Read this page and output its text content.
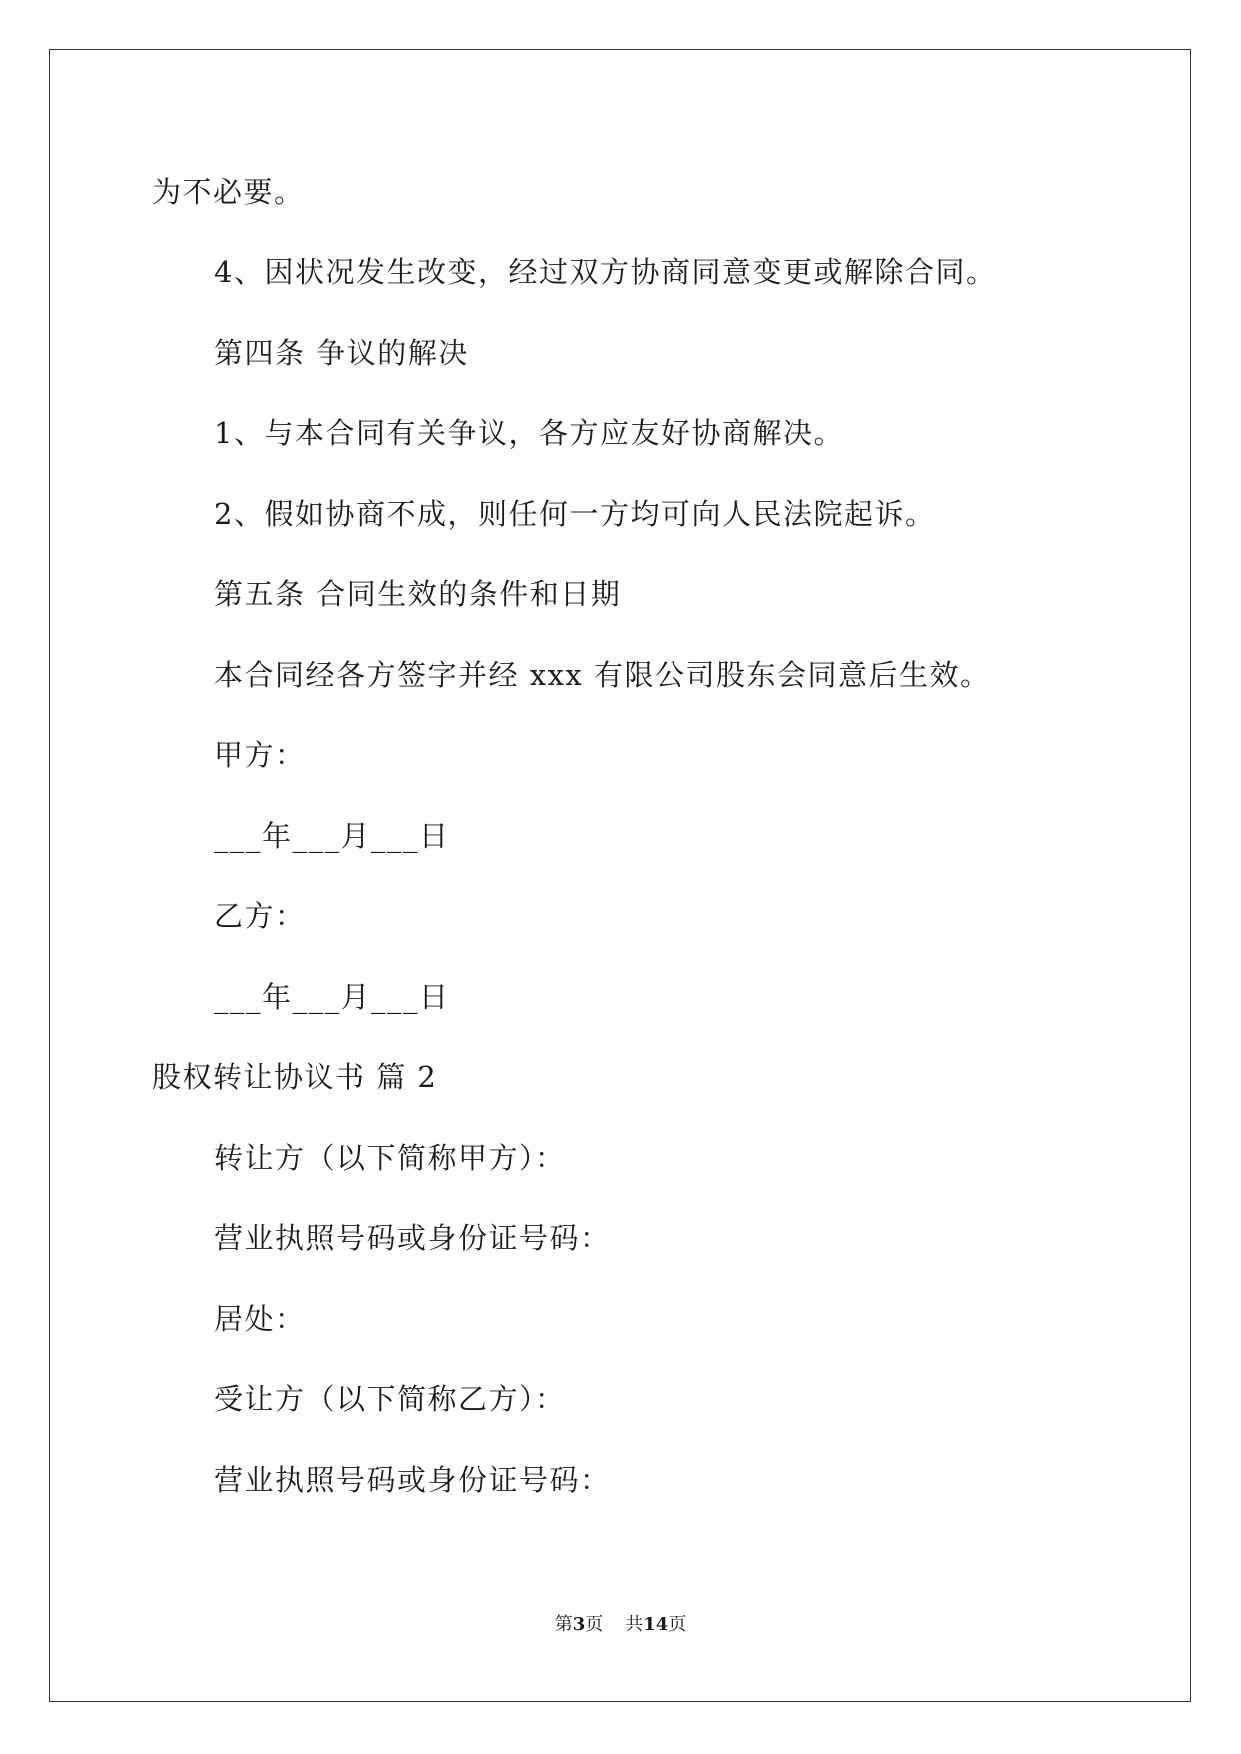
为不必要。
4、因状况发生改变，经过双方协商同意变更或解除合同。
第四条 争议的解决
1、与本合同有关争议，各方应友好协商解决。
2、假如协商不成，则任何一方均可向人民法院起诉。
第五条 合同生效的条件和日期
本合同经各方签字并经 xxx 有限公司股东会同意后生效。
甲方：
___年___月___日
乙方：
___年___月___日
股权转让协议书 篇 2
转让方（以下简称甲方）：
营业执照号码或身份证号码：
居处：
受让方（以下简称乙方）：
营业执照号码或身份证号码：
第3页 共14页
